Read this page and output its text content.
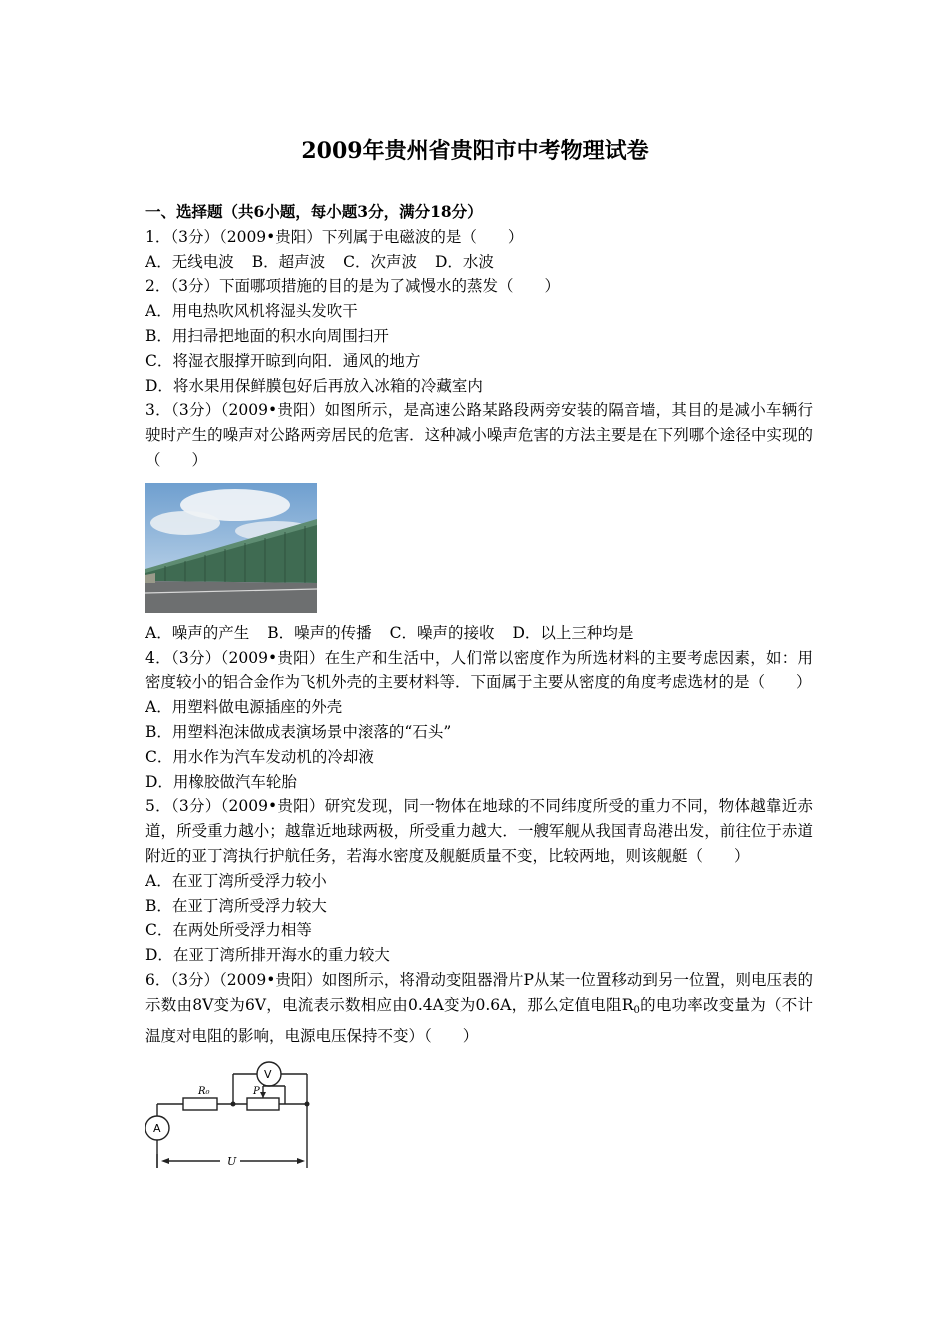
2009年贵州省贵阳市中考物理试卷
一、选择题（共6小题，每小题3分，满分18分）
1．（3分）（2009•贵阳）下列属于电磁波的是（　　）
A．无线电波 B．超声波 C．次声波 D．水波
2．（3分）下面哪项措施的目的是为了减慢水的蒸发（　　）
A．用电热吹风机将湿头发吹干
B．用扫帚把地面的积水向周围扫开
C．将湿衣服撑开晾到向阳．通风的地方
D．将水果用保鲜膜包好后再放入冰箱的冷藏室内
3．（3分）（2009•贵阳）如图所示，是高速公路某路段两旁安装的隔音墙，其目的是减小车辆行驶时产生的噪声对公路两旁居民的危害．这种减小噪声危害的方法主要是在下列哪个途径中实现的（　　）
A．噪声的产生 B．噪声的传播 C．噪声的接收 D．以上三种均是
4．（3分）（2009•贵阳）在生产和生活中，人们常以密度作为所选材料的主要考虑因素，如：用密度较小的铝合金作为飞机外壳的主要材料等．下面属于主要从密度的角度考虑选材的是（　　）
A．用塑料做电源插座的外壳
B．用塑料泡沫做成表演场景中滚落的“石头”
C．用水作为汽车发动机的冷却液
D．用橡胶做汽车轮胎
5．（3分）（2009•贵阳）研究发现，同一物体在地球的不同纬度所受的重力不同，物体越靠近赤道，所受重力越小；越靠近地球两极，所受重力越大．一艘军舰从我国青岛港出发，前往位于赤道附近的亚丁湾执行护航任务，若海水密度及舰艇质量不变，比较两地，则该舰艇（　　）
A．在亚丁湾所受浮力较小
B．在亚丁湾所受浮力较大
C．在两处所受浮力相等
D．在亚丁湾所排开海水的重力较大
6．（3分）（2009•贵阳）如图所示，将滑动变阻器滑片P从某一位置移动到另一位置，则电压表的示数由8V变为6V，电流表示数相应由0.4A变为0.6A，那么定值电阻$R_0$的电功率改变量为（不计温度对电阻的影响，电源电压保持不变）（　　）
R₀	P
V
A
U
